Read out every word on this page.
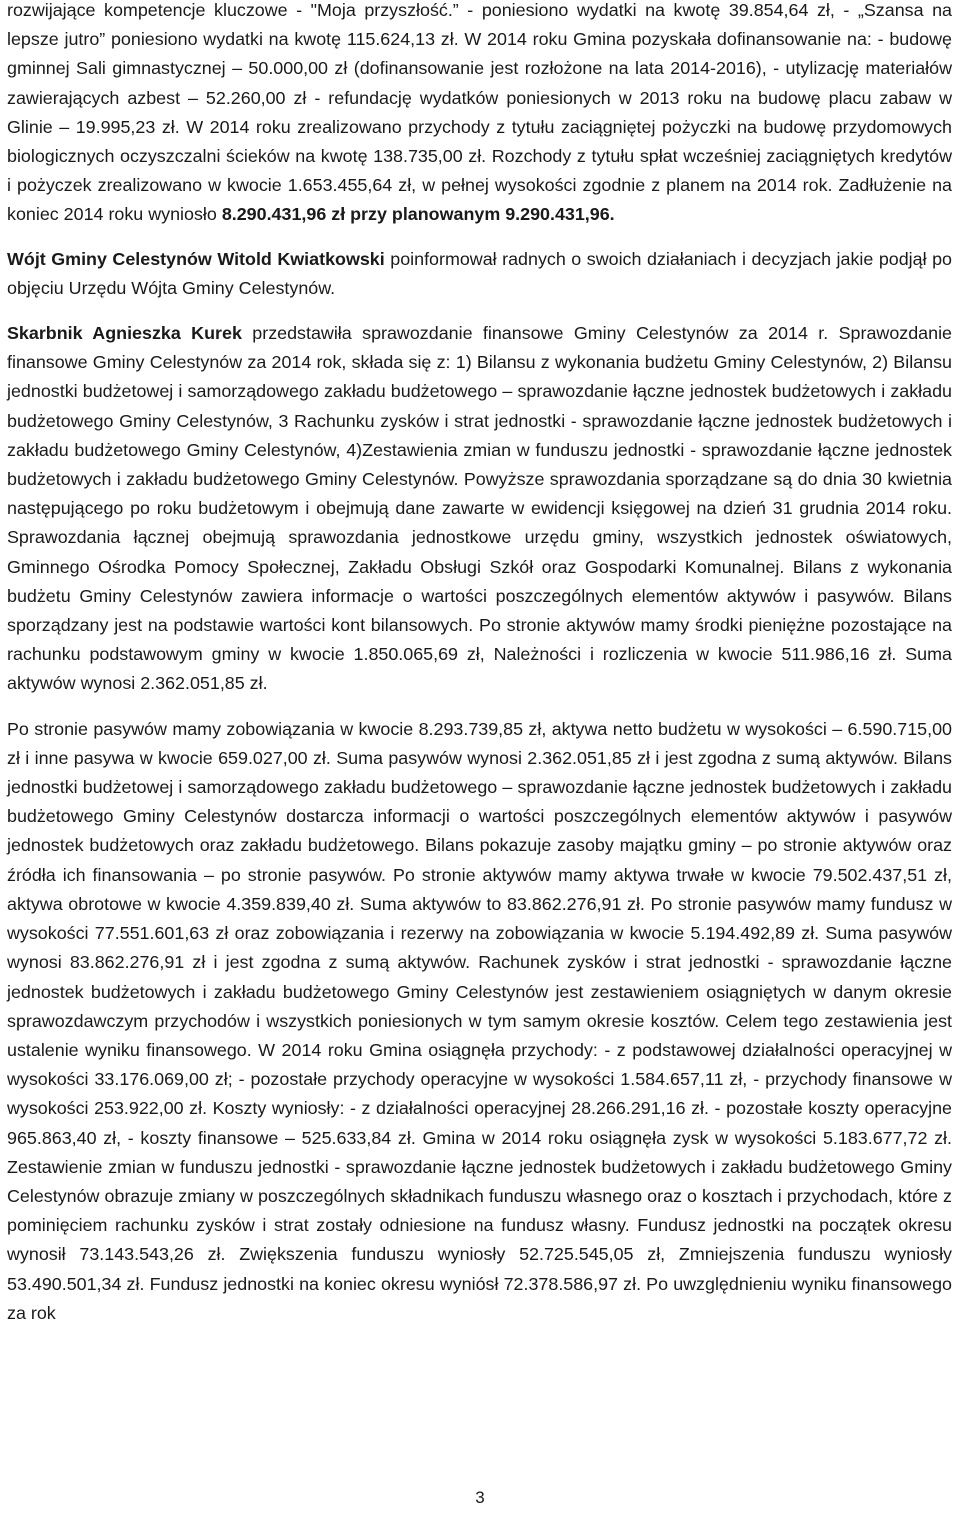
rozwijające kompetencje kluczowe - "Moja przyszłość.” - poniesiono wydatki na kwotę 39.854,64 zł, - „Szansa na lepsze jutro” poniesiono wydatki na kwotę 115.624,13 zł. W 2014 roku Gmina pozyskała dofinansowanie na: - budowę gminnej Sali gimnastycznej – 50.000,00 zł (dofinansowanie jest rozłożone na lata 2014-2016), - utylizację materiałów zawierających azbest – 52.260,00 zł - refundację wydatków poniesionych w 2013 roku na budowę placu zabaw w Glinie – 19.995,23 zł. W 2014 roku zrealizowano przychody z tytułu zaciągniętej pożyczki na budowę przydomowych biologicznych oczyszczalni ścieków na kwotę 138.735,00 zł. Rozchody z tytułu spłat wcześniej zaciągniętych kredytów i pożyczek zrealizowano w kwocie 1.653.455,64 zł, w pełnej wysokości zgodnie z planem na 2014 rok. Zadłużenie na koniec 2014 roku wyniosło 8.290.431,96 zł przy planowanym 9.290.431,96.

Wójt Gminy Celestynów Witold Kwiatkowski poinformował radnych o swoich działaniach i decyzjach jakie podjął po objęciu Urzędu Wójta Gminy Celestynów.

Skarbnik Agnieszka Kurek przedstawiła sprawozdanie finansowe Gminy Celestynów za 2014 r. Sprawozdanie finansowe Gminy Celestynów za 2014 rok, składa się z: 1) Bilansu z wykonania budżetu Gminy Celestynów, 2) Bilansu jednostki budżetowej i samorządowego zakładu budżetowego – sprawozdanie łączne jednostek budżetowych i zakładu budżetowego Gminy Celestynów, 3 Rachunku zysków i strat jednostki - sprawozdanie łączne jednostek budżetowych i zakładu budżetowego Gminy Celestynów, 4)Zestawienia zmian w funduszu jednostki - sprawozdanie łączne jednostek budżetowych i zakładu budżetowego Gminy Celestynów. Powyższe sprawozdania sporządzane są do dnia 30 kwietnia następującego po roku budżetowym i obejmują dane zawarte w ewidencji księgowej na dzień 31 grudnia 2014 roku. Sprawozdania łącznej obejmują sprawozdania jednostkowe urzędu gminy, wszystkich jednostek oświatowych, Gminnego Ośrodka Pomocy Społecznej, Zakładu Obsługi Szkół oraz Gospodarki Komunalnej. Bilans z wykonania budżetu Gminy Celestynów zawiera informacje o wartości poszczególnych elementów aktywów i pasywów. Bilans sporządzany jest na podstawie wartości kont bilansowych. Po stronie aktywów mamy środki pieniężne pozostające na rachunku podstawowym gminy w kwocie 1.850.065,69 zł, Należności i rozliczenia w kwocie 511.986,16 zł. Suma aktywów wynosi 2.362.051,85 zł.

Po stronie pasywów mamy zobowiązania w kwocie 8.293.739,85 zł, aktywa netto budżetu w wysokości – 6.590.715,00 zł i inne pasywa w kwocie 659.027,00 zł. Suma pasywów wynosi 2.362.051,85 zł i jest zgodna z sumą aktywów. Bilans jednostki budżetowej i samorządowego zakładu budżetowego – sprawozdanie łączne jednostek budżetowych i zakładu budżetowego Gminy Celestynów dostarcza informacji o wartości poszczególnych elementów aktywów i pasywów jednostek budżetowych oraz zakładu budżetowego. Bilans pokazuje zasoby majątku gminy – po stronie aktywów oraz źródła ich finansowania – po stronie pasywów. Po stronie aktywów mamy aktywa trwałe w kwocie 79.502.437,51 zł, aktywa obrotowe w kwocie 4.359.839,40 zł. Suma aktywów to 83.862.276,91 zł. Po stronie pasywów mamy fundusz w wysokości 77.551.601,63 zł oraz zobowiązania i rezerwy na zobowiązania w kwocie 5.194.492,89 zł. Suma pasywów wynosi 83.862.276,91 zł i jest zgodna z sumą aktywów. Rachunek zysków i strat jednostki - sprawozdanie łączne jednostek budżetowych i zakładu budżetowego Gminy Celestynów jest zestawieniem osiągniętych w danym okresie sprawozdawczym przychodów i wszystkich poniesionych w tym samym okresie kosztów. Celem tego zestawienia jest ustalenie wyniku finansowego. W 2014 roku Gmina osiągnęła przychody: - z podstawowej działalności operacyjnej w wysokości 33.176.069,00 zł; - pozostałe przychody operacyjne w wysokości 1.584.657,11 zł, - przychody finansowe w wysokości 253.922,00 zł. Koszty wyniosły: - z działalności operacyjnej 28.266.291,16 zł. - pozostałe koszty operacyjne 965.863,40 zł, - koszty finansowe – 525.633,84 zł. Gmina w 2014 roku osiągnęła zysk w wysokości 5.183.677,72 zł. Zestawienie zmian w funduszu jednostki - sprawozdanie łączne jednostek budżetowych i zakładu budżetowego Gminy Celestynów obrazuje zmiany w poszczególnych składnikach funduszu własnego oraz o kosztach i przychodach, które z pominięciem rachunku zysków i strat zostały odniesione na fundusz własny. Fundusz jednostki na początek okresu wynosił 73.143.543,26 zł. Zwiększenia funduszu wyniosły 52.725.545,05 zł, Zmniejszenia funduszu wyniosły 53.490.501,34 zł. Fundusz jednostki na koniec okresu wyniósł 72.378.586,97 zł. Po uwzględnieniu wyniku finansowego za rok

3
